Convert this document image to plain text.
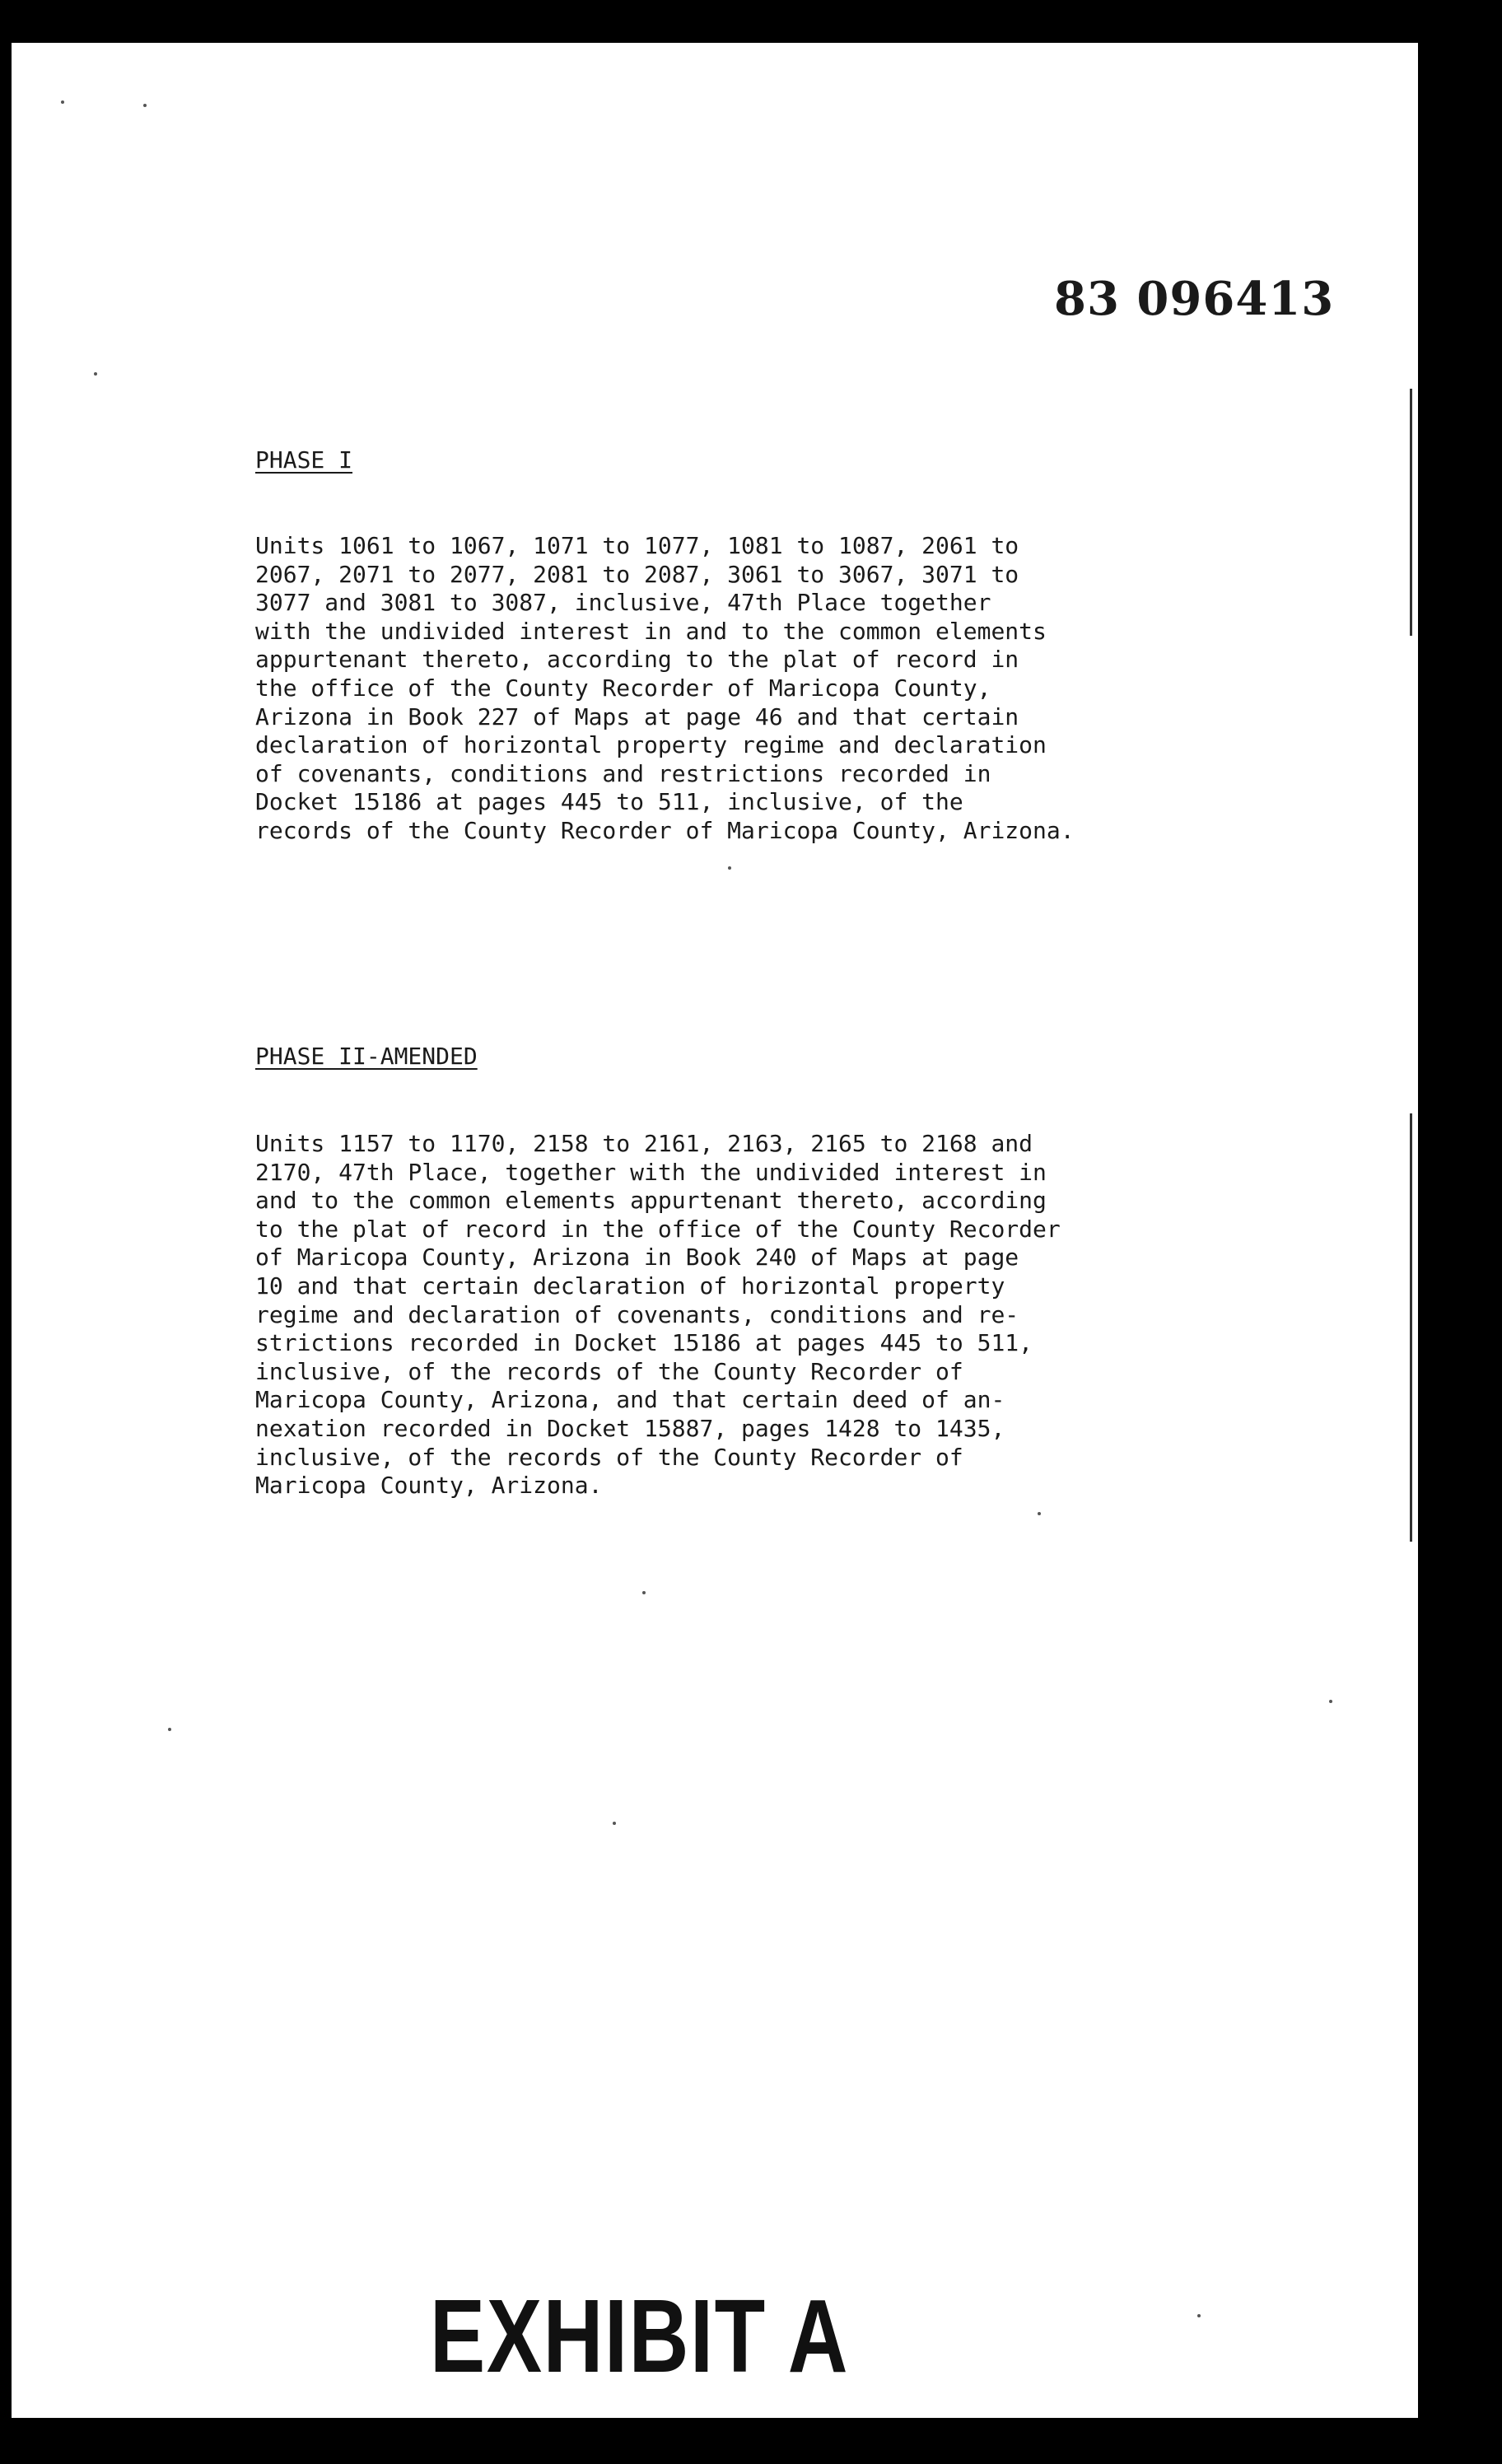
83 096413
PHASE I
Units 1061 to 1067, 1071 to 1077, 1081 to 1087, 2061 to
2067, 2071 to 2077, 2081 to 2087, 3061 to 3067, 3071 to
3077 and 3081 to 3087, inclusive, 47th Place together
with the undivided interest in and to the common elements
appurtenant thereto, according to the plat of record in
the office of the County Recorder of Maricopa County,
Arizona in Book 227 of Maps at page 46 and that certain
declaration of horizontal property regime and declaration
of covenants, conditions and restrictions recorded in
Docket 15186 at pages 445 to 511, inclusive, of the
records of the County Recorder of Maricopa County, Arizona.
PHASE II-AMENDED
Units 1157 to 1170, 2158 to 2161, 2163, 2165 to 2168 and
2170, 47th Place, together with the undivided interest in
and to the common elements appurtenant thereto, according
to the plat of record in the office of the County Recorder
of Maricopa County, Arizona in Book 240 of Maps at page
10 and that certain declaration of horizontal property
regime and declaration of covenants, conditions and re-
strictions recorded in Docket 15186 at pages 445 to 511,
inclusive, of the records of the County Recorder of
Maricopa County, Arizona, and that certain deed of an-
nexation recorded in Docket 15887, pages 1428 to 1435,
inclusive, of the records of the County Recorder of
Maricopa County, Arizona.
EXHIBIT A
